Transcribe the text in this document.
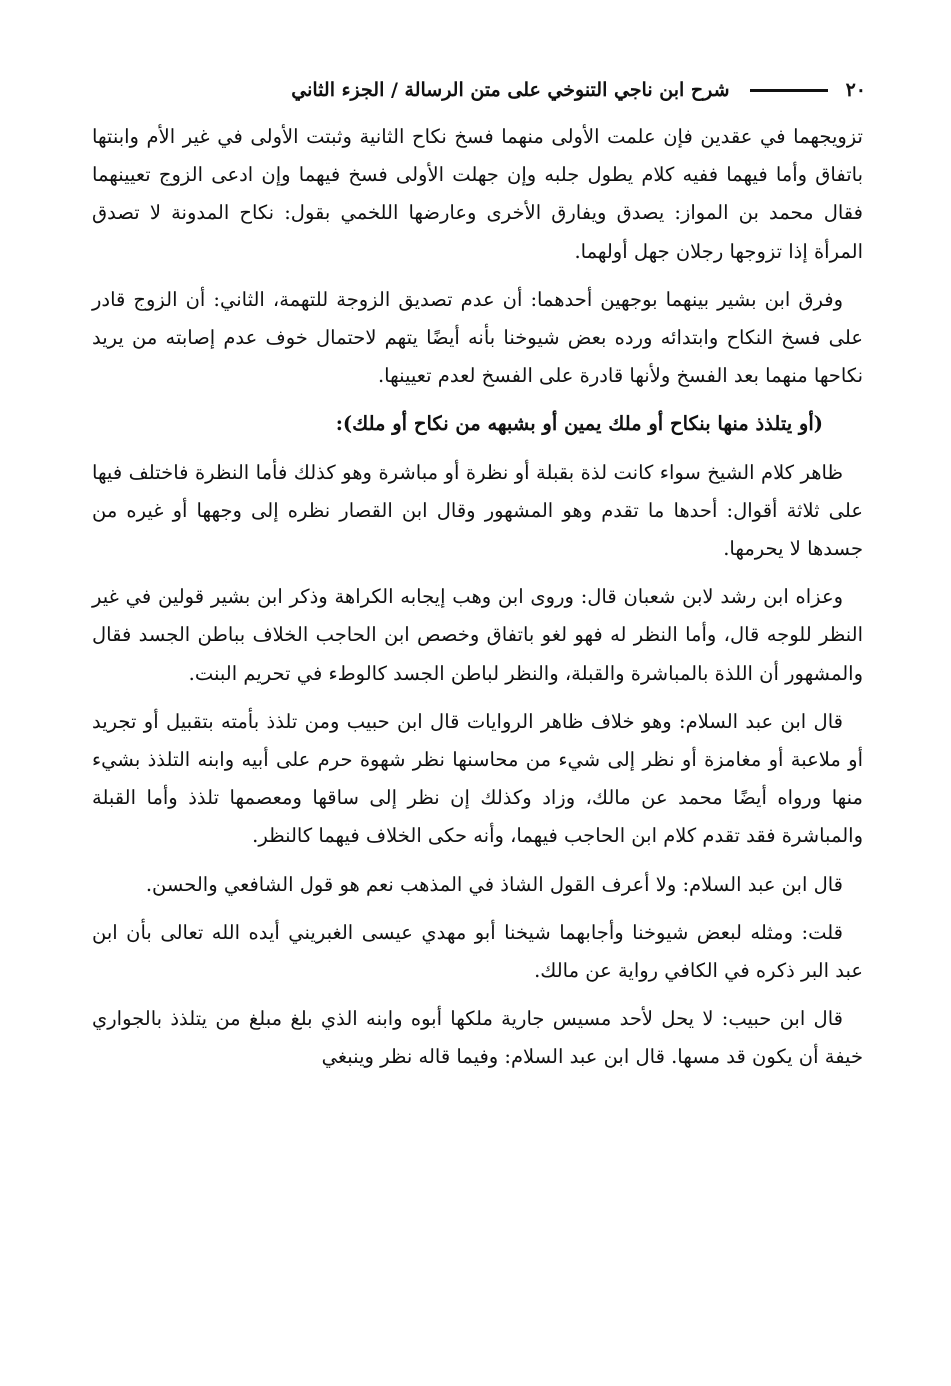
٢٠
شرح ابن ناجي التنوخي على متن الرسالة / الجزء الثاني

تزويجهما في عقدين فإن علمت الأولى منهما فسخ نكاح الثانية وثبتت الأولى في غير الأم وابنتها باتفاق وأما فيهما ففيه كلام يطول جلبه وإن جهلت الأولى فسخ فيهما وإن ادعى الزوج تعيينهما فقال محمد بن المواز: يصدق ويفارق الأخرى وعارضها اللخمي بقول: نكاح المدونة لا تصدق المرأة إذا تزوجها رجلان جهل أولهما.

وفرق ابن بشير بينهما بوجهين أحدهما: أن عدم تصديق الزوجة للتهمة، الثاني: أن الزوج قادر على فسخ النكاح وابتدائه ورده بعض شيوخنا بأنه أيضًا يتهم لاحتمال خوف عدم إصابته من يريد نكاحها منهما بعد الفسخ ولأنها قادرة على الفسخ لعدم تعيينها.

(أو يتلذذ منها بنكاح أو ملك يمين أو بشبهه من نكاح أو ملك):

ظاهر كلام الشيخ سواء كانت لذة بقبلة أو نظرة أو مباشرة وهو كذلك فأما النظرة فاختلف فيها على ثلاثة أقوال: أحدها ما تقدم وهو المشهور وقال ابن القصار نظره إلى وجهها أو غيره من جسدها لا يحرمها.

وعزاه ابن رشد لابن شعبان قال: وروى ابن وهب إيجابه الكراهة وذكر ابن بشير قولين في غير النظر للوجه قال، وأما النظر له فهو لغو باتفاق وخصص ابن الحاجب الخلاف بباطن الجسد فقال والمشهور أن اللذة بالمباشرة والقبلة، والنظر لباطن الجسد كالوطء في تحريم البنت.

قال ابن عبد السلام: وهو خلاف ظاهر الروايات قال ابن حبيب ومن تلذذ بأمته بتقبيل أو تجريد أو ملاعبة أو مغامزة أو نظر إلى شيء من محاسنها نظر شهوة حرم على أبيه وابنه التلذذ بشيء منها ورواه أيضًا محمد عن مالك، وزاد وكذلك إن نظر إلى ساقها ومعصمها تلذذ وأما القبلة والمباشرة فقد تقدم كلام ابن الحاجب فيهما، وأنه حكى الخلاف فيهما كالنظر.

قال ابن عبد السلام: ولا أعرف القول الشاذ في المذهب نعم هو قول الشافعي والحسن.

قلت: ومثله لبعض شيوخنا وأجابهما شيخنا أبو مهدي عيسى الغبريني أيده الله تعالى بأن ابن عبد البر ذكره في الكافي رواية عن مالك.

قال ابن حبيب: لا يحل لأحد مسيس جارية ملكها أبوه وابنه الذي بلغ مبلغ من يتلذذ بالجواري خيفة أن يكون قد مسها. قال ابن عبد السلام: وفيما قاله نظر وينبغي
